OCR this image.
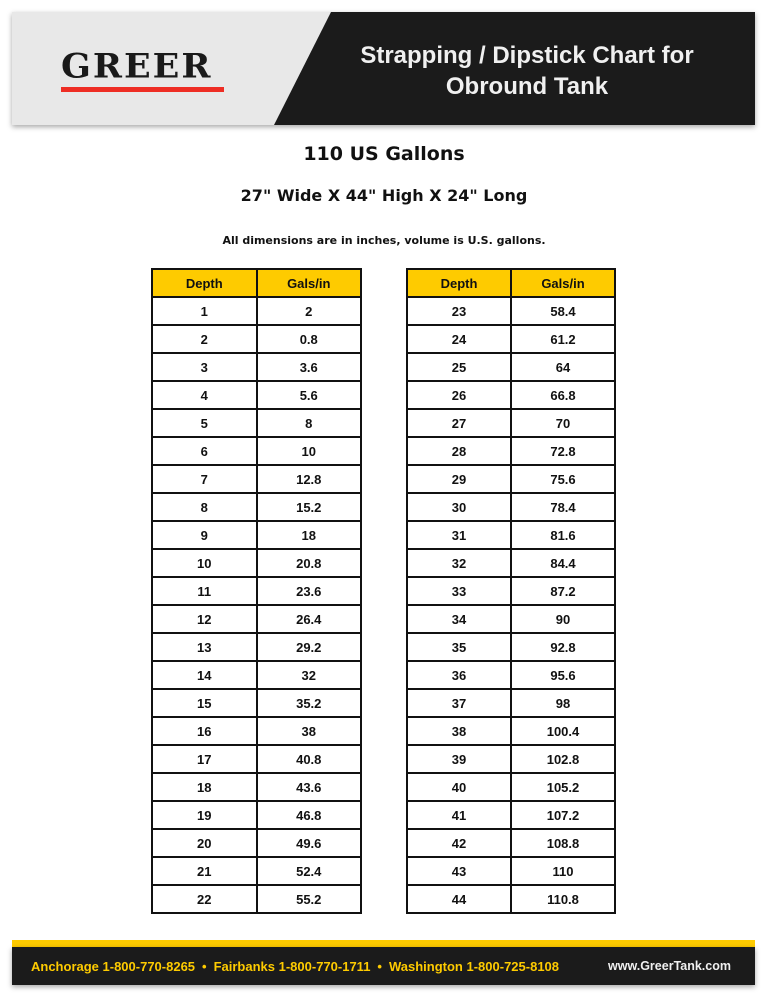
GREER	Strapping / Dipstick Chart for
Obround Tank
110 US Gallons
27" Wide X 44" High X 24" Long
All dimensions are in inches, volume is U.S. gallons.
Depth	Gals/in
1	2
2	0.8
3	3.6
4	5.6
5	8
6	10
7	12.8
8	15.2
9	18
10	20.8
11	23.6
12	26.4
13	29.2
14	32
15	35.2
16	38
17	40.8
18	43.6
19	46.8
20	49.6
21	52.4
22	55.2
Depth	Gals/in
23	58.4
24	61.2
25	64
26	66.8
27	70
28	72.8
29	75.6
30	78.4
31	81.6
32	84.4
33	87.2
34	90
35	92.8
36	95.6
37	98
38	100.4
39	102.8
40	105.2
41	107.2
42	108.8
43	110
44	110.8
Anchorage 1-800-770-8265 • Fairbanks 1-800-770-1711 • Washington 1-800-725-8108	www.GreerTank.com
